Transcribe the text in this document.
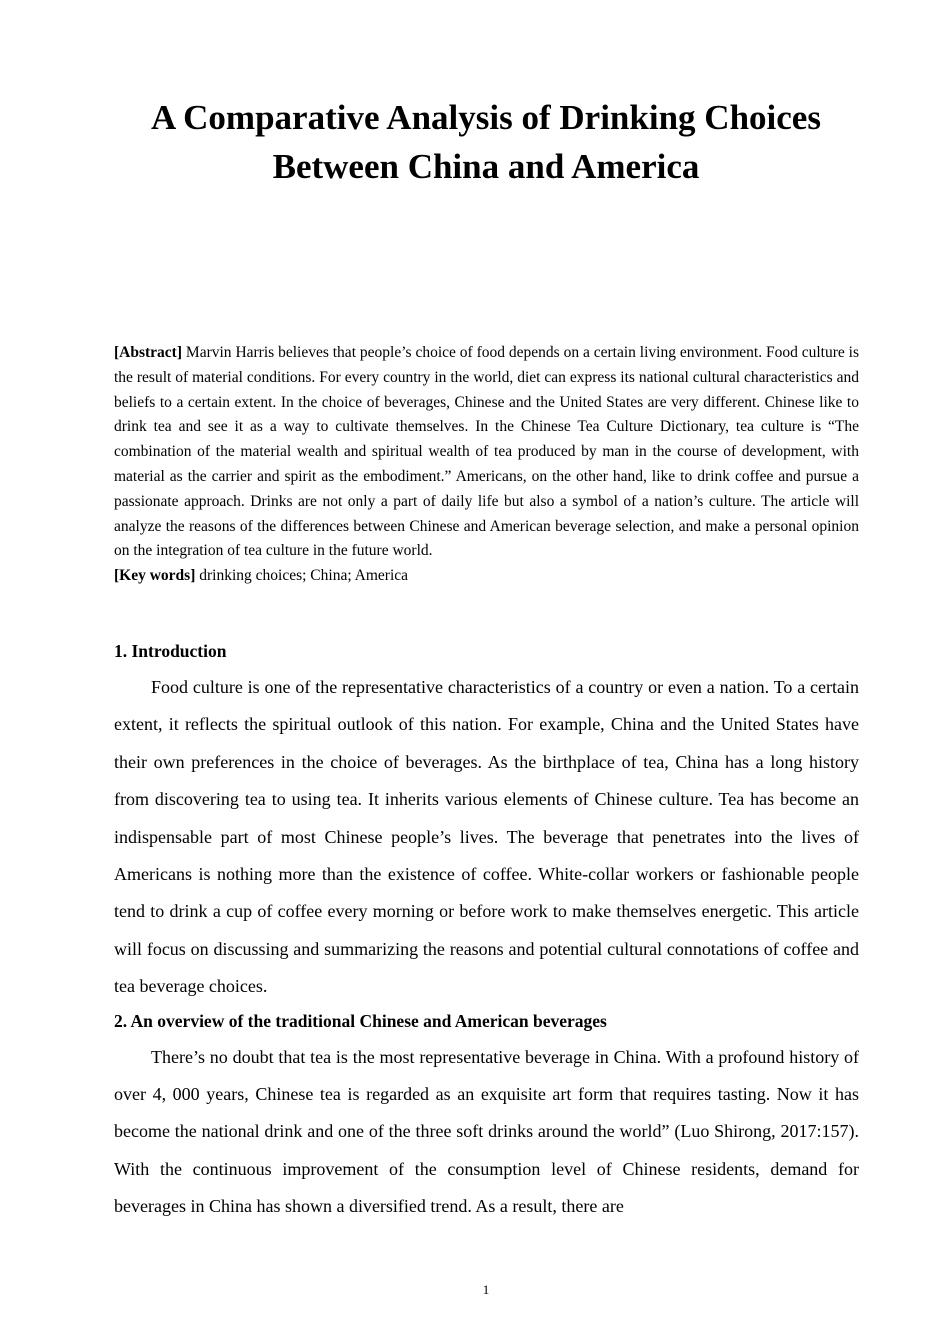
A Comparative Analysis of Drinking Choices
Between China and America

[Abstract] Marvin Harris believes that people’s choice of food depends on a certain living environment. Food culture is the result of material conditions. For every country in the world, diet can express its national cultural characteristics and beliefs to a certain extent. In the choice of beverages, Chinese and the United States are very different. Chinese like to drink tea and see it as a way to cultivate themselves. In the Chinese Tea Culture Dictionary, tea culture is “The combination of the material wealth and spiritual wealth of tea produced by man in the course of development, with material as the carrier and spirit as the embodiment.” Americans, on the other hand, like to drink coffee and pursue a passionate approach. Drinks are not only a part of daily life but also a symbol of a nation’s culture. The article will analyze the reasons of the differences between Chinese and American beverage selection, and make a personal opinion on the integration of tea culture in the future world.

[Key words] drinking choices; China; America

1. Introduction

Food culture is one of the representative characteristics of a country or even a nation. To a certain extent, it reflects the spiritual outlook of this nation. For example, China and the United States have their own preferences in the choice of beverages. As the birthplace of tea, China has a long history from discovering tea to using tea. It inherits various elements of Chinese culture. Tea has become an indispensable part of most Chinese people’s lives. The beverage that penetrates into the lives of Americans is nothing more than the existence of coffee. White-collar workers or fashionable people tend to drink a cup of coffee every morning or before work to make themselves energetic. This article will focus on discussing and summarizing the reasons and potential cultural connotations of coffee and tea beverage choices.

2. An overview of the traditional Chinese and American beverages

There’s no doubt that tea is the most representative beverage in China. With a profound history of over 4, 000 years, Chinese tea is regarded as an exquisite art form that requires tasting. Now it has become the national drink and one of the three soft drinks around the world” (Luo Shirong, 2017:157). With the continuous improvement of the consumption level of Chinese residents, demand for beverages in China has shown a diversified trend. As a result, there are

1
